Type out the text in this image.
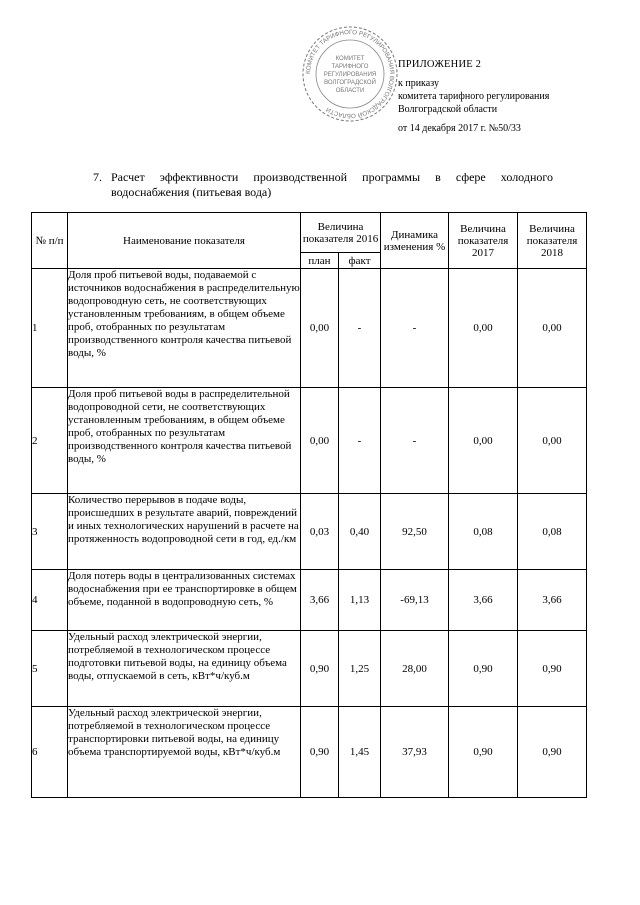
КОМИТЕТ ТАРИФНОГО РЕГУЛИРОВАНИЯ ВОЛГОГРАДСКОЙ ОБЛАСТИ
КОМИТЕТ
ТАРИФНОГО
РЕГУЛИРОВАНИЯ
ВОЛГОГРАДСКОЙ
ОБЛАСТИ
ПРИЛОЖЕНИЕ 2
к приказу
комитета тарифного регулирования
Волгоградской области
от 14 декабря 2017 г. №50/33
7. Расчет эффективности производственной программы в сфере холодного водоснабжения (питьевая вода)
№ п/п	Наименование показателя	Величина показателя 2016		Динамика изменения %	Величина показателя 2017	Величина показателя 2018
		план	факт			
1	Доля проб питьевой воды, подаваемой с источников водоснабжения в распределительную водопроводную сеть, не соответствующих установленным требованиям, в общем объеме проб, отобранных по результатам производственного контроля качества питьевой воды, %	0,00	-	-	0,00	0,00
2	Доля проб питьевой воды в распределительной водопроводной сети, не соответствующих установленным требованиям, в общем объеме проб, отобранных по результатам производственного контроля качества питьевой воды, %	0,00	-	-	0,00	0,00
3	Количество перерывов в подаче воды, происшедших в результате аварий, повреждений и иных технологических нарушений в расчете на протяженность водопроводной сети в год, ед./км	0,03	0,40	92,50	0,08	0,08
4	Доля потерь воды в централизованных системах водоснабжения при ее транспортировке в общем объеме, поданной в водопроводную сеть, %	3,66	1,13	-69,13	3,66	3,66
5	Удельный расход электрической энергии, потребляемой в технологическом процессе подготовки питьевой воды, на единицу объема воды, отпускаемой в сеть, кВт*ч/куб.м	0,90	1,25	28,00	0,90	0,90
6	Удельный расход электрической энергии, потребляемой в технологическом процессе транспортировки питьевой воды, на единицу объема транспортируемой воды, кВт*ч/куб.м	0,90	1,45	37,93	0,90	0,90
